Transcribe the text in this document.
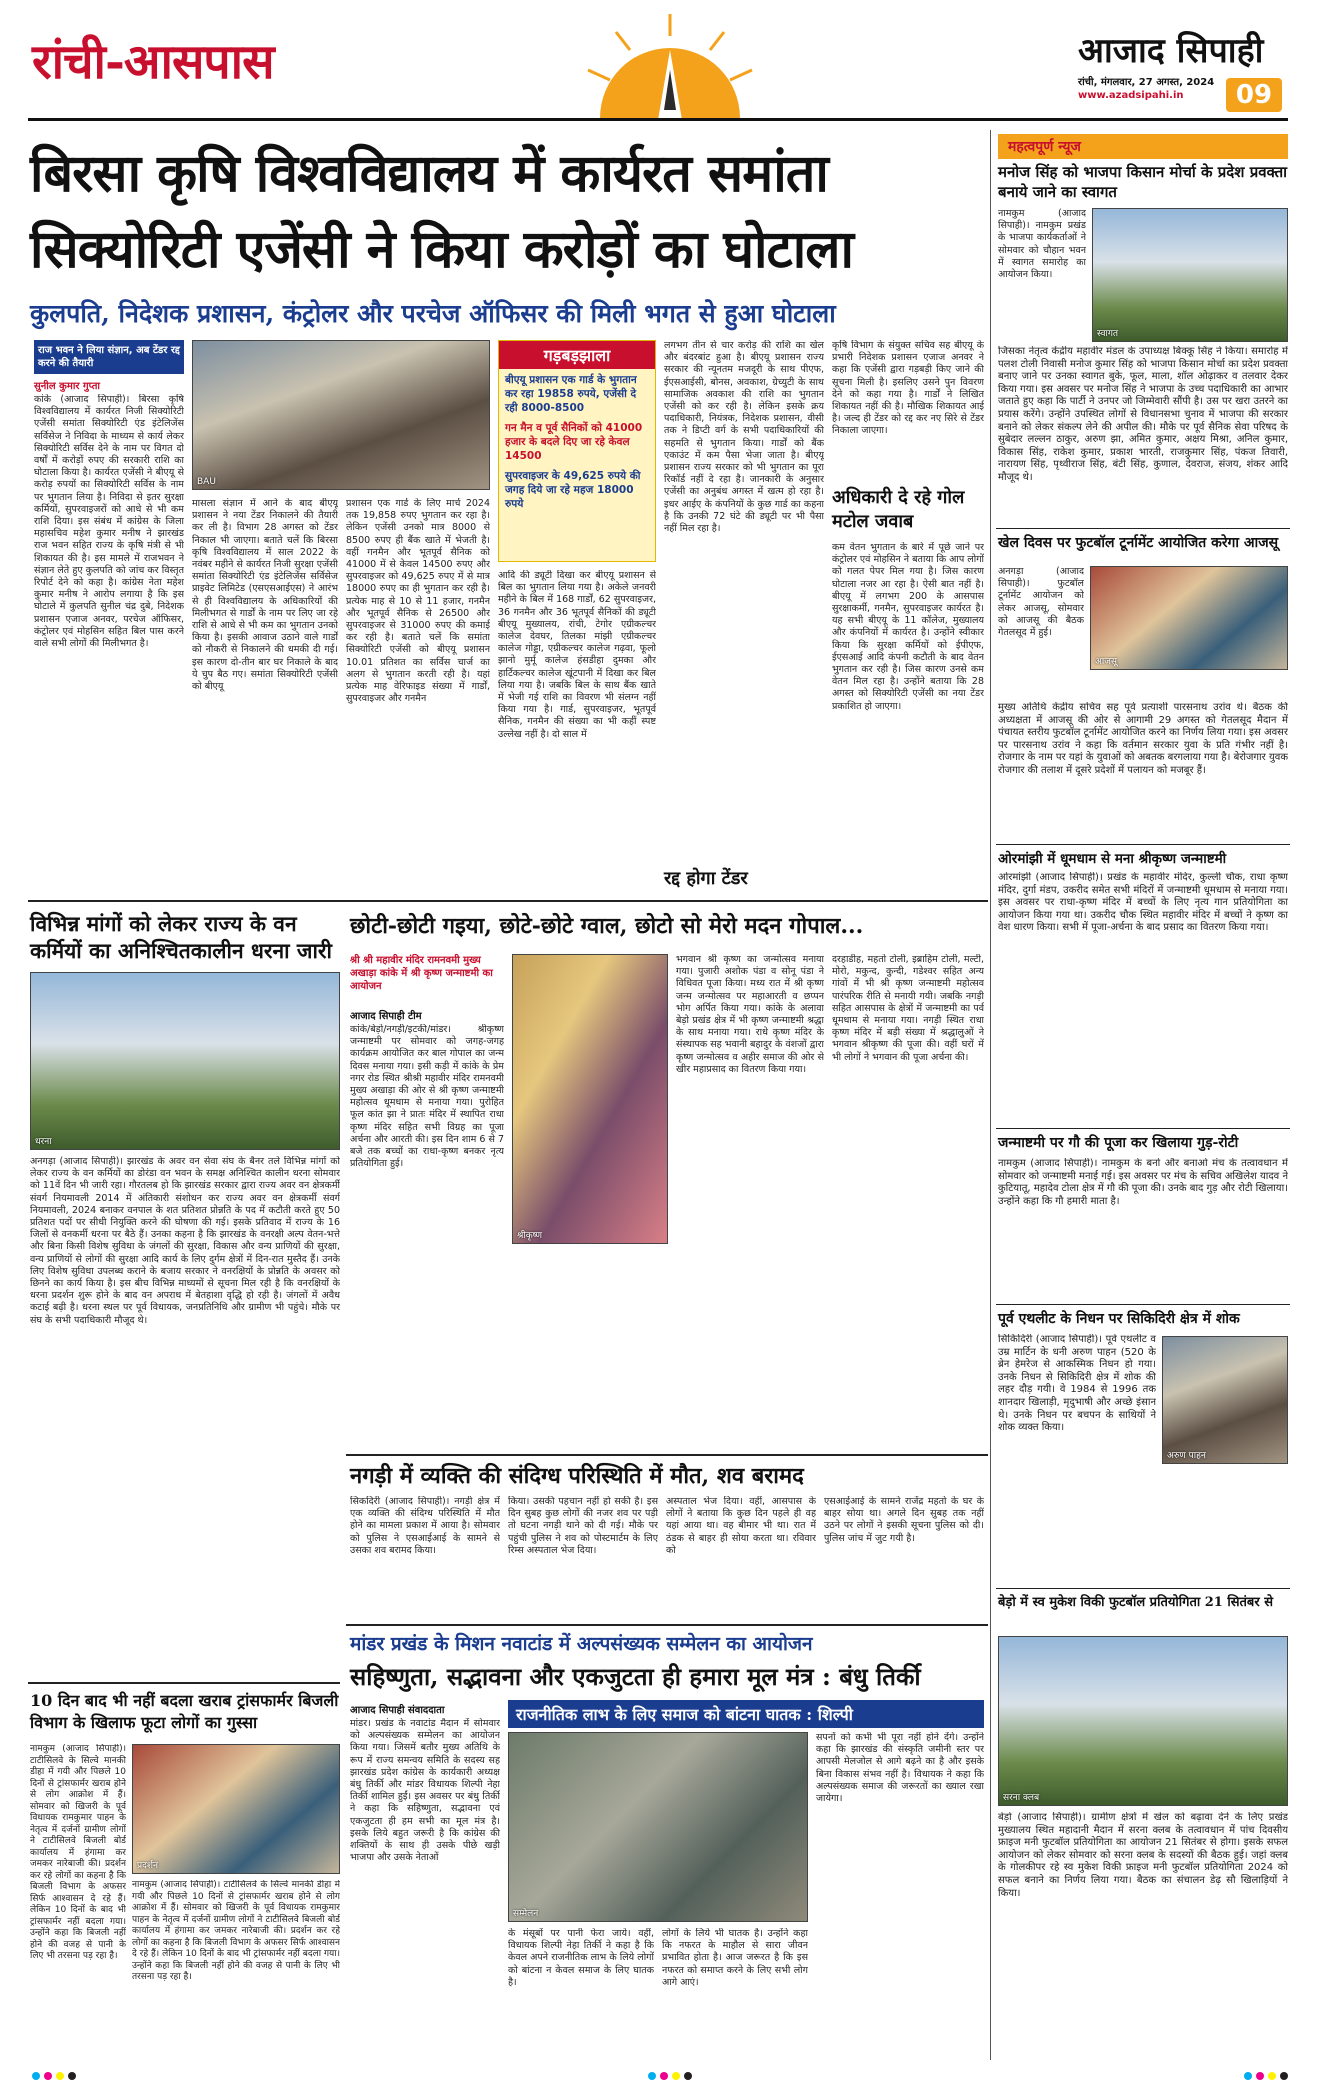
रांची-आसपास	आजाद सिपाही
रांची, मंगलवार, 27 अगस्त, 2024
www.azadsipahi.in	09
बिरसा कृषि विश्वविद्यालय में कार्यरत समांता
सिक्योरिटी एजेंसी ने किया करोड़ों का घोटाला
कुलपति, निदेशक प्रशासन, कंट्रोलर और परचेज ऑफिसर की मिली भगत से हुआ घोटाला
राज भवन ने लिया संज्ञान, अब टेंडर रद्द करने की तैयारी
सुनील कुमार गुप्ता
कांके (आजाद सिपाही)। बिरसा कृषि विश्वविद्यालय में कार्यरत निजी सिक्योरिटी एजेंसी समांता सिक्योरिटी एंड इंटेलिजेंस सर्विसेज ने निविदा के माध्यम से कार्य लेकर सिक्योरिटी सर्विस देने के नाम पर विगत दो वर्षों में करोड़ों रुपए की सरकारी राशि का घोटाला किया है। कार्यरत एजेंसी ने बीएयू से करोड़ रुपयों का सिक्योरिटी सर्विस के नाम पर भुगतान लिया है। निविदा से इतर सुरक्षा कर्मियों, सुपरवाइजरों को आधे से भी कम राशि दिया। इस संबंध में कांग्रेस के जिला महासचिव महेश कुमार मनीष ने झारखंड राज भवन सहित राज्य के कृषि मंत्री से भी शिकायत की है। इस मामले में राजभवन ने संज्ञान लेते हुए कुलपति को जांच कर विस्तृत रिपोर्ट देने को कहा है। कांग्रेस नेता महेश कुमार मनीष ने आरोप लगाया है कि इस घोटाले में कुलपति सुनील चंद्र दुबे, निदेशक प्रशासन एजाज अनवर, परचेज ऑफिसर, कंट्रोलर एवं मोहसिन सहित बिल पास करने वाले सभी लोगों की मिलीभगत है।
BAU
मासला संज्ञान में आने के बाद बीएयू प्रशासन ने नया टेंडर निकालने की तैयारी कर ली है। विभाग 28 अगस्त को टेंडर निकाल भी जाएगा। बताते चलें कि बिरसा कृषि विश्वविद्यालय में साल 2022 के नवंबर महीने से कार्यरत निजी सुरक्षा एजेंसी समांता सिक्योरिटी एंड इंटेलिजेंस सर्विसेज प्राइवेट लिमिटेड (एसएसआईएस) ने आरंभ से ही विश्वविद्यालय के अधिकारियों की मिलीभगत से गार्डों के नाम पर लिए जा रहे राशि से आधे से भी कम का भुगतान उनको किया है। इसकी आवाज उठाने वाले गार्डों को नौकरी से निकालने की धमकी दी गई। इस कारण दो-तीन बार घर निकाले के बाद ये चुप बैठ गए। समांता सिक्योरिटी एजेंसी को बीएयू
प्रशासन एक गार्ड के लिए मार्च 2024 तक 19,858 रुपए भुगतान कर रहा है। लेकिन एजेंसी उनको मात्र 8000 से 8500 रुपए ही बैंक खाते में भेजती है। वहीं गनमैन और भूतपूर्व सैनिक को 41000 में से केवल 14500 रुपए और सुपरवाइजर को 49,625 रुपए में से मात्र 18000 रुपए का ही भुगतान कर रही है। प्रत्येक माह से 10 से 11 हजार, गनमैन और भूतपूर्व सैनिक से 26500 और सुपरवाइजर से 31000 रुपए की कमाई कर रही है। बताते चलें कि समांता सिक्योरिटी एजेंसी को बीएयू प्रशासन 10.01 प्रतिशत का सर्विस चार्ज का अलग से भुगतान करती रही है। यहां प्रत्येक माह वेरिफाइड संख्या में गार्डों, सुपरवाइजर और गनमैन
गड़बड़झाला
बीएयू प्रशासन एक गार्ड के भुगतान कर रहा 19858 रुपये, एजेंसी दे रही 8000-8500
गन मैन व पूर्व सैनिकों को 41000 हजार के बदले दिए जा रहे केवल 14500
सुपरवाइजर के 49,625 रुपये की जगह दिये जा रहे महज 18000 रुपये
आदि की ड्यूटी दिखा कर बीएयू प्रशासन से बिल का भुगतान लिया गया है। अकेले जनवरी महीने के बिल में 168 गार्डों, 62 सुपरवाइजर, 36 गनमैन और 36 भूतपूर्व सैनिकों की ड्यूटी बीएयू मुख्यालय, रांची, टेगोर एग्रीकल्चर कालेज देवघर, तिलका मांझी एग्रीकल्चर कालेज गोड्डा, एग्रीकल्चर कालेज गढ़वा, फूलो झानो मुर्मू कालेज हंसडीहा दुमका और हार्टिकल्चर कालेज खूंटपानी में दिखा कर बिल लिया गया है। जबकि बिल के साथ बैंक खाते में भेजी गई राशि का विवरण भी संलग्न नहीं किया गया है। गार्ड, सुपरवाइजर, भूतपूर्व सैनिक, गनमैन की संख्या का भी कहीं स्पष्ट उल्लेख नहीं है। दो साल में
लगभग तीन से चार करोड़ की राशि का खेल और बंदरबांट हुआ है। बीएयू प्रशासन राज्य सरकार की न्यूनतम मजदूरी के साथ पीएफ, ईएसआईसी, बोनस, अवकाश, ग्रेच्युटी के साथ सामाजिक अवकाश की राशि का भुगतान एजेंसी को कर रही है। लेकिन इसके क्रय पदाधिकारी, नियंत्रक, निदेशक प्रशासन, वीसी तक ने डिप्टी वर्ग के सभी पदाधिकारियों की सहमति से भुगतान किया। गार्डों को बैंक एकाउंट में कम पैसा भेजा जाता है। बीएयू प्रशासन राज्य सरकार को भी भुगतान का पूरा रिकॉर्ड नहीं दे रहा है। जानकारी के अनुसार एजेंसी का अनुबंध अगस्त में खत्म हो रहा है। इधर आईए के कंपनियों के कुछ गार्ड का कहना है कि उनकी 72 घंटे की ड्यूटी पर भी पैसा नहीं मिल रहा है।
रद्द होगा टेंडर
कृषि विभाग के संयुक्त सचिव सह बीएयू के प्रभारी निदेशक प्रशासन एजाज अनवर ने कहा कि एजेंसी द्वारा गड़बड़ी किए जाने की सूचना मिली है। इसलिए उसने पुन विवरण देने को कहा गया है। गार्डों ने लिखित शिकायत नहीं की है। मौखिक शिकायत आई है। जल्द ही टेंडर को रद्द कर नए सिरे से टेंडर निकाला जाएगा।
अधिकारी दे रहे गोल मटोल जवाब
कम वेतन भुगतान के बारे में पूछे जाने पर कंट्रोलर एवं मोहसिन ने बताया कि आप लोगों को गलत पेपर मिल गया है। जिस कारण घोटाला नजर आ रहा है। ऐसी बात नहीं है। बीएयू में लगभग 200 के आसपास सुरक्षाकर्मी, गनमैन, सुपरवाइजर कार्यरत है। यह सभी बीएयू के 11 कॉलेज, मुख्यालय और कंपनियों में कार्यरत है। उन्होंने स्वीकार किया कि सुरक्षा कर्मियों को ईपीएफ, ईएसआई आदि कंपनी कटौती के बाद वेतन भुगतान कर रही है। जिस कारण उनसे कम वेतन मिल रहा है। उन्होंने बताया कि 28 अगस्त को सिक्योरिटी एजेंसी का नया टेंडर प्रकाशित हो जाएगा।
विभिन्न मांगों को लेकर राज्य के वन कर्मियों का अनिश्चितकालीन धरना जारी
धरना
अनगड़ा (आजाद सिपाही)। झारखंड के अवर वन सेवा संघ के बैनर तले विभिन्न मांगों को लेकर राज्य के वन कर्मियों का डोरंडा वन भवन के समक्ष अनिश्चित कालीन धरना सोमवार को 11वें दिन भी जारी रहा। गौरतलब हो कि झारखंड सरकार द्वारा राज्य अवर वन क्षेत्रकर्मी संवर्ग नियमावली 2014 में अंतिकारी संशोधन कर राज्य अवर वन क्षेत्रकर्मी संवर्ग नियमावली, 2024 बनाकर वनपाल के शत प्रतिशत प्रोन्नति के पद में कटौती करते हुए 50 प्रतिशत पदों पर सीधी नियुक्ति करने की घोषणा की गई। इसके प्रतिवाद में राज्य के 16 जिलों से वनकर्मी धरना पर बैठे हैं। उनका कहना है कि झारखंड के वनरक्षी अल्प वेतन-भत्ते और बिना किसी विशेष सुविधा के जंगलों की सुरक्षा, विकास और वन्य प्राणियों की सुरक्षा, वन्य प्राणियों से लोगों की सुरक्षा आदि कार्य के लिए दुर्गम क्षेत्रों में दिन-रात मुस्तैद हैं। उनके लिए विशेष सुविधा उपलब्ध कराने के बजाय सरकार ने वनरक्षियों के प्रोन्नति के अवसर को छिनने का कार्य किया है। इस बीच विभिन्न माध्यमों से सूचना मिल रही है कि वनरक्षियों के धरना प्रदर्शन शुरू होने के बाद वन अपराध में बेतहाशा वृद्धि हो रही है। जंगलों में अवैध कटाई बढ़ी है। धरना स्थल पर पूर्व विधायक, जनप्रतिनिधि और ग्रामीण भी पहुंचे। मौके पर संघ के सभी पदाधिकारी मौजूद थे।
छोटी-छोटी गइया, छोटे-छोटे ग्वाल, छोटो सो मेरो मदन गोपाल...
श्री श्री महावीर मंदिर रामनवमी मुख्य अखाड़ा कांके में श्री कृष्ण जन्माष्टमी का आयोजन
आजाद सिपाही टीम
कांके/बेड़ो/नगड़ी/इटकी/मांडर। श्रीकृष्ण जन्माष्टमी पर सोमवार को जगह-जगह कार्यक्रम आयोजित कर बाल गोपाल का जन्म दिवस मनाया गया। इसी कड़ी में कांके के प्रेम नगर रोड स्थित श्रीश्री महावीर मंदिर रामनवमी मुख्य अखाड़ा की ओर से श्री कृष्ण जन्माष्टमी महोत्सव धूमधाम से मनाया गया। पुरोहित फूल कांत झा ने प्रातः मंदिर में स्थापित राधा कृष्ण मंदिर सहित सभी विग्रह का पूजा अर्चना और आरती की। इस दिन शाम 6 से 7 बजे तक बच्चों का राधा-कृष्ण बनकर नृत्य प्रतियोगिता हुई।
श्रीकृष्ण
भगवान श्री कृष्ण का जन्मोत्सव मनाया गया। पुजारी अशोक पंडा व सोनू पंडा ने विधिवत पूजा किया। मध्य रात में श्री कृष्ण जन्म जन्मोत्सव पर महाआरती व छप्पन भोग अर्पित किया गया। कांके के अलावा बेड़ो प्रखंड क्षेत्र में भी कृष्ण जन्माष्टमी श्रद्धा के साथ मनाया गया। राधे कृष्ण मंदिर के संस्थापक सह भवानी बहादुर के वंशजों द्वारा कृष्ण जन्मोत्सव व अहीर समाज की ओर से खीर महाप्रसाद का वितरण किया गया।
दरहाडीह, महतो टोली, इब्राहिम टोली, मल्टी, मोरो, मकुन्द, कुन्दी, गडेश्वर सहित अन्य गांवों में भी श्री कृष्ण जन्माष्टमी महोत्सव पारंपरिक रीति से मनायी गयी। जबकि नगड़ी सहित आसपास के क्षेत्रों में जन्माष्टमी का पर्व धूमधाम से मनाया गया। नगड़ी स्थित राधा कृष्ण मंदिर में बड़ी संख्या में श्रद्धालुओं ने भगवान श्रीकृष्ण की पूजा की। वहीं घरों में भी लोगों ने भगवान की पूजा अर्चना की।
नगड़ी में व्यक्ति की संदिग्ध परिस्थिति में मौत, शव बरामद
सिकदिरी (आजाद सिपाही)। नगड़ी क्षेत्र में एक व्यक्ति की संदिग्ध परिस्थिति में मौत होने का मामला प्रकाश में आया है। सोमवार को पुलिस ने एसआईआई के सामने से उसका शव बरामद किया।
किया। उसकी पहचान नहीं हो सकी है। इस दिन सुबह कुछ लोगों की नजर शव पर पड़ी तो घटना नगड़ी थाने को दी गई। मौके पर पहुंची पुलिस ने शव को पोस्टमार्टम के लिए रिम्स अस्पताल भेज दिया।
अस्पताल भेज दिया। वहीं, आसपास के लोगों ने बताया कि कुछ दिन पहले ही वह यहां आया था। वह बीमार भी था। रात में ठंडक से बाहर ही सोया करता था। रविवार को
एसआईआई के सामने राजेंद्र महतो के घर के बाहर सोया था। अगले दिन सुबह तक नहीं उठने पर लोगों ने इसकी सूचना पुलिस को दी। पुलिस जांच में जुट गयी है।
10 दिन बाद भी नहीं बदला खराब ट्रांसफार्मर बिजली विभाग के खिलाफ फूटा लोगों का गुस्सा
नामकुम (आजाद सिपाही)। टाटीसिलवे के सिल्वे मानकी डीहा में गयी और पिछले 10 दिनों से ट्रांसफार्मर खराब होने से लोग आक्रोश में हैं। सोमवार को खिजरी के पूर्व विधायक रामकुमार पाहन के नेतृत्व में दर्जनों ग्रामीण लोगों ने टाटीसिलवे बिजली बोर्ड कार्यालय में हंगामा कर जमकर नारेबाजी की। प्रदर्शन कर रहे लोगों का कहना है कि बिजली विभाग के अफसर सिर्फ आश्वासन दे रहे हैं। लेकिन 10 दिनों के बाद भी ट्रांसफार्मर नहीं बदला गया। उन्होंने कहा कि बिजली नहीं होने की वजह से पानी के लिए भी तरसना पड़ रहा है।
प्रदर्शन
नामकुम (आजाद सिपाही)। टाटीसिलवे के सिल्वे मानकी डीहा में गयी और पिछले 10 दिनों से ट्रांसफार्मर खराब होने से लोग आक्रोश में हैं। सोमवार को खिजरी के पूर्व विधायक रामकुमार पाहन के नेतृत्व में दर्जनों ग्रामीण लोगों ने टाटीसिलवे बिजली बोर्ड कार्यालय में हंगामा कर जमकर नारेबाजी की। प्रदर्शन कर रहे लोगों का कहना है कि बिजली विभाग के अफसर सिर्फ आश्वासन दे रहे हैं। लेकिन 10 दिनों के बाद भी ट्रांसफार्मर नहीं बदला गया। उन्होंने कहा कि बिजली नहीं होने की वजह से पानी के लिए भी तरसना पड़ रहा है।
मांडर प्रखंड के मिशन नवाटांड में अल्पसंख्यक सम्मेलन का आयोजन
सहिष्णुता, सद्भावना और एकजुटता ही हमारा मूल मंत्र : बंधु तिर्की
आजाद सिपाही संवाददाता
मांडर। प्रखंड के नवाटांड मैदान में सोमवार को अल्पसंख्यक सम्मेलन का आयोजन किया गया। जिसमें बतौर मुख्य अतिथि के रूप में राज्य समन्वय समिति के सदस्य सह झारखंड प्रदेश कांग्रेस के कार्यकारी अध्यक्ष बंधु तिर्की और मांडर विधायक शिल्पी नेहा तिर्की शामिल हुईं। इस अवसर पर बंधु तिर्की ने कहा कि सहिष्णुता, सद्भावना एवं एकजुटता ही हम सभी का मूल मंत्र है। इसके लिये बहुत जरूरी है कि कांग्रेस की शक्तियों के साथ ही उसके पीछे खड़ी भाजपा और उसके नेताओं
राजनीतिक लाभ के लिए समाज को बांटना घातक : शिल्पी
सम्मेलन
सपनों को कभी भी पूरा नहीं होने देंगे। उन्होंने कहा कि झारखंड की संस्कृति जमीनी स्तर पर आपसी मेलजोल से आगे बढ़ने का है और इसके बिना विकास संभव नहीं है। विधायक ने कहा कि अल्पसंख्यक समाज की जरूरतों का ख्याल रखा जायेगा।
के मंसूबों पर पानी फेरा जाये। वहीं, विधायक शिल्पी नेहा तिर्की ने कहा है कि केवल अपने राजनीतिक लाभ के लिये लोगों को बांटना न केवल समाज के लिए घातक है।
लोगों के लिये भी घातक है। उन्होंने कहा कि नफरत के माहौल से सारा जीवन प्रभावित होता है। आज जरूरत है कि इस नफरत को समाप्त करने के लिए सभी लोग आगे आएं।
महत्वपूर्ण न्यूज
मनोज सिंह को भाजपा किसान मोर्चा के प्रदेश प्रवक्ता बनाये जाने का स्वागत
नामकुम (आजाद सिपाही)। नामकुम प्रखंड के भाजपा कार्यकर्ताओं ने सोमवार को चौहान भवन में स्वागत समारोह का आयोजन किया।
स्वागत
जिसका नेतृत्व केंद्रीय महावीर मंडल के उपाध्यक्ष बिक्कू सिंह ने किया। समारोह में पलश टोली निवासी मनोज कुमार सिंह को भाजपा किसान मोर्चा का प्रदेश प्रवक्ता बनाए जाने पर उनका स्वागत बुके, फूल, माला, शॉल ओढ़ाकर व तलवार देकर किया गया। इस अवसर पर मनोज सिंह ने भाजपा के उच्च पदाधिकारी का आभार जताते हुए कहा कि पार्टी ने उनपर जो जिम्मेवारी सौंपी है। उस पर खरा उतरने का प्रयास करेंगे। उन्होंने उपस्थित लोगों से विधानसभा चुनाव में भाजपा की सरकार बनाने को लेकर संकल्प लेने की अपील की। मौके पर पूर्व सैनिक सेवा परिषद के सुबेदार लल्लन ठाकुर, अरुण झा, अमित कुमार, अक्षय मिश्रा, अनिल कुमार, विकास सिंह, राकेश कुमार, प्रकाश भारती, राजकुमार सिंह, पंकज तिवारी, नारायण सिंह, पृथ्वीराज सिंह, बंटी सिंह, कुणाल, देवराज, संजय, शंकर आदि मौजूद थे।
खेल दिवस पर फुटबॉल टूर्नामेंट आयोजित करेगा आजसू
अनगड़ा (आजाद सिपाही)। फुटबॉल टूर्नामेंट आयोजन को लेकर आजसू, सोमवार को आजसू की बैठक गेतलसूद में हुई।
आजसू
मुख्य अतिथि केंद्रीय सचिव सह पूर्व प्रत्याशी पारसनाथ उरांव थे। बैठक की अध्यक्षता में आजसू की ओर से आगामी 29 अगस्त को गेतलसूद मैदान में पंचायत स्तरीय फुटबॉल टूर्नामेंट आयोजित करने का निर्णय लिया गया। इस अवसर पर पारसनाथ उरांव ने कहा कि वर्तमान सरकार युवा के प्रति गंभीर नहीं है। रोजगार के नाम पर यहां के युवाओं को अबतक बरगलाया गया है। बेरोजगार युवक रोजगार की तलाश में दूसरे प्रदेशों में पलायन को मजबूर हैं।
ओरमांझी में धूमधाम से मना श्रीकृष्ण जन्माष्टमी
ओरमांझी (आजाद सिपाही)। प्रखंड के महावीर मंदिर, कुल्ली चौक, राधा कृष्ण मंदिर, दुर्गा मंडप, उकरीद समेत सभी मंदिरों में जन्माष्टमी धूमधाम से मनाया गया। इस अवसर पर राधा-कृष्ण मंदिर में बच्चों के लिए नृत्य गान प्रतियोगिता का आयोजन किया गया था। उकरीद चौक स्थित महावीर मंदिर में बच्चों ने कृष्ण का वेश धारण किया। सभी में पूजा-अर्चना के बाद प्रसाद का वितरण किया गया।
जन्माष्टमी पर गौ की पूजा कर खिलाया गुड़-रोटी
नामकुम (आजाद सिपाही)। नामकुम के बनो और बनाओ मंच के तत्वावधान में सोमवार को जन्माष्टमी मनाई गई। इस अवसर पर मंच के सचिव अखिलेश यादव ने कुटियातू, महादेव टोला क्षेत्र में गौ की पूजा की। उनके बाद गुड़ और रोटी खिलाया। उन्होंने कहा कि गौ हमारी माता है।
पूर्व एथलीट के निधन पर सिकिदिरी क्षेत्र में शोक
सिकिदिरी (आजाद सिपाही)। पूर्व एथलीट व उम्र मार्टिन के धनी अरुण पाहन (520 के ब्रेन हेमरेज से आकस्मिक निधन हो गया। उनके निधन से सिकिदिरी क्षेत्र में शोक की लहर दौड़ गयी। वे 1984 से 1996 तक शानदार खिलाड़ी, मृदुभाषी और अच्छे इंसान थे। उनके निधन पर बचपन के साथियों ने शोक व्यक्त किया।
अरुण पाहन
बेड़ो में स्व मुकेश विकी फुटबॉल प्रतियोगिता 21 सितंबर से
सरना क्लब
बेड़ो (आजाद सिपाही)। ग्रामीण क्षेत्रों में खेल को बढ़ावा देने के लिए प्रखंड मुख्यालय स्थित महादानी मैदान में सरना क्लब के तत्वावधान में पांच दिवसीय फ्राइज मनी फुटबॉल प्रतियोगिता का आयोजन 21 सितंबर से होगा। इसके सफल आयोजन को लेकर सोमवार को सरना क्लब के सदस्यों की बैठक हुई। जहां क्लब के गोलकीपर रहे स्व मुकेश विकी फ्राइज मनी फुटबॉल प्रतियोगिता 2024 को सफल बनाने का निर्णय लिया गया। बैठक का संचालन डेढ़ सौ खिलाड़ियों ने किया।
